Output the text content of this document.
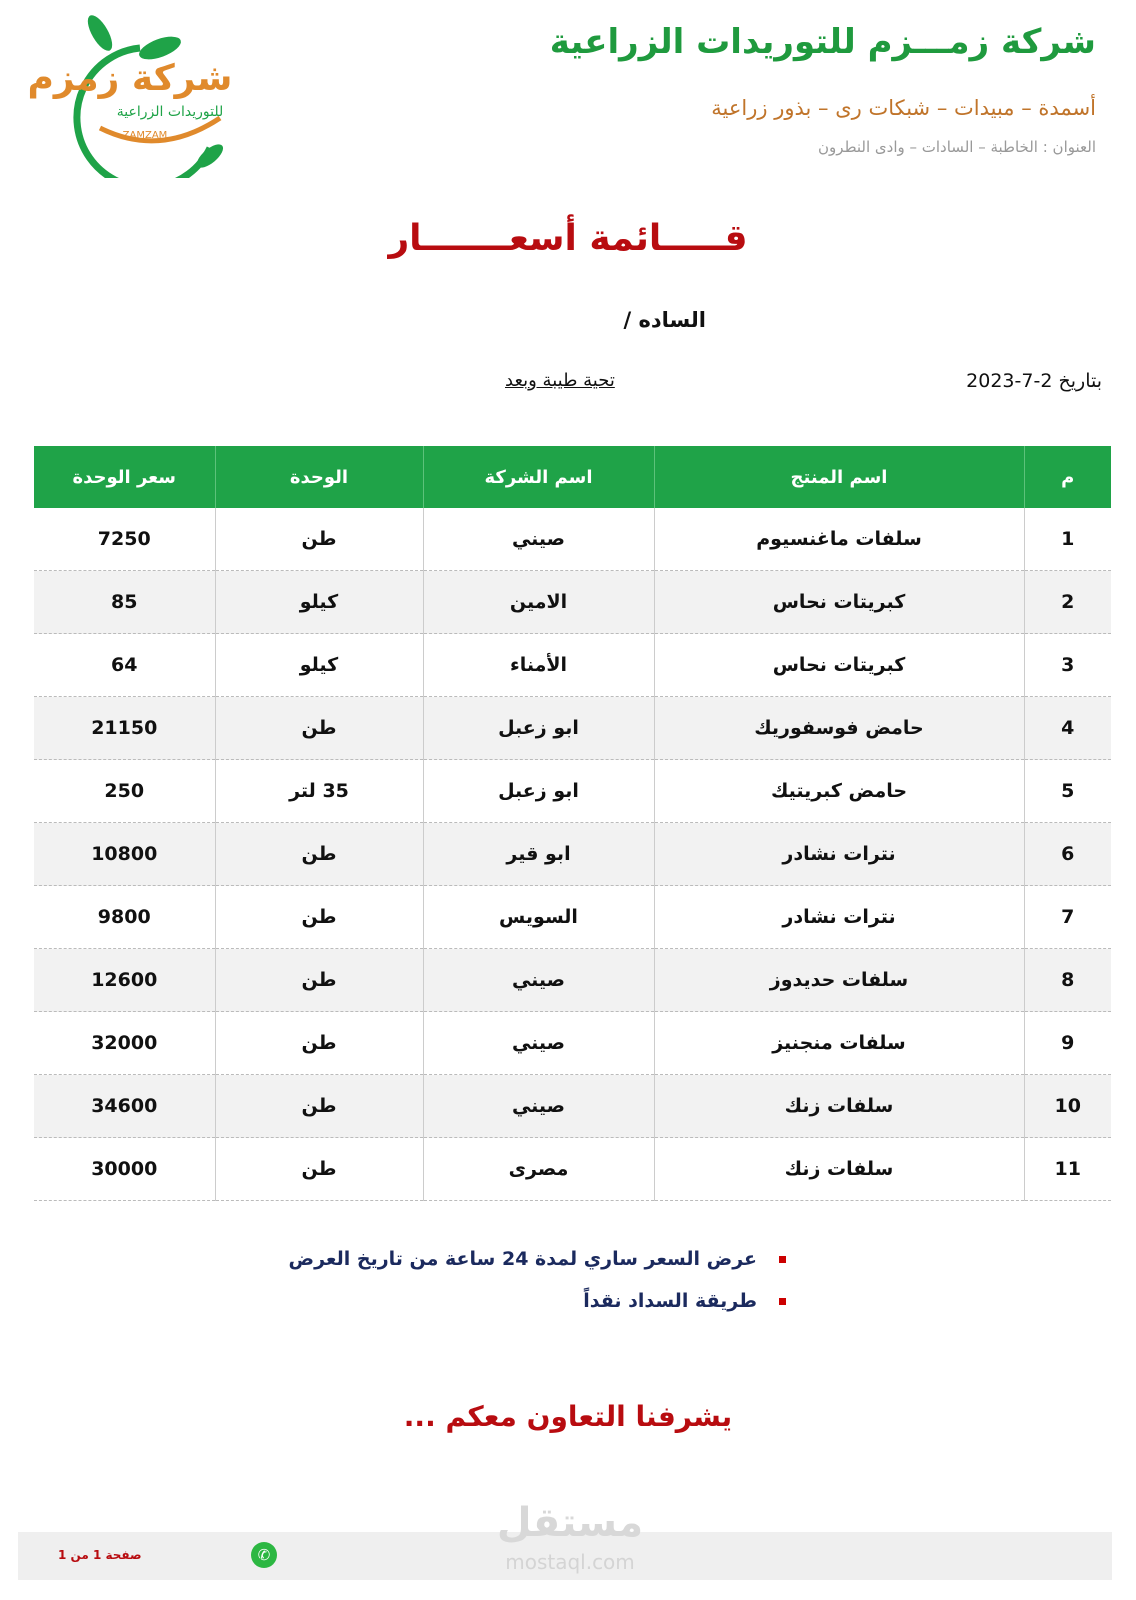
شركة زمزم
للتوريدات الزراعية
ZAMZAM
شركة زمـــزم للتوريدات الزراعية
أسمدة – مبيدات – شبكات رى – بذور زراعية
العنوان : الخاطبة – السادات – وادى النطرون
قـــــائمة أسعـــــــار
الساده /
تحية طيبة وبعد	بتاريخ 2-7-2023
م	اسم المنتج	اسم الشركة	الوحدة	سعر الوحدة
1	سلفات ماغنسيوم	صيني	طن	7250
2	كبريتات نحاس	الامين	كيلو	85
3	كبريتات نحاس	الأمناء	كيلو	64
4	حامض فوسفوريك	ابو زعبل	طن	21150
5	حامض كبريتيك	ابو زعبل	35 لتر	250
6	نترات نشادر	ابو قير	طن	10800
7	نترات نشادر	السويس	طن	9800
8	سلفات حديدوز	صيني	طن	12600
9	سلفات منجنيز	صيني	طن	32000
10	سلفات زنك	صيني	طن	34600
11	سلفات زنك	مصرى	طن	30000
عرض السعر ساري لمدة 24 ساعة من تاريخ العرض
طريقة السداد نقداً
يشرفنا التعاون معكم ...
صفحة 1 من 1	✆
مستقل
mostaql.com
